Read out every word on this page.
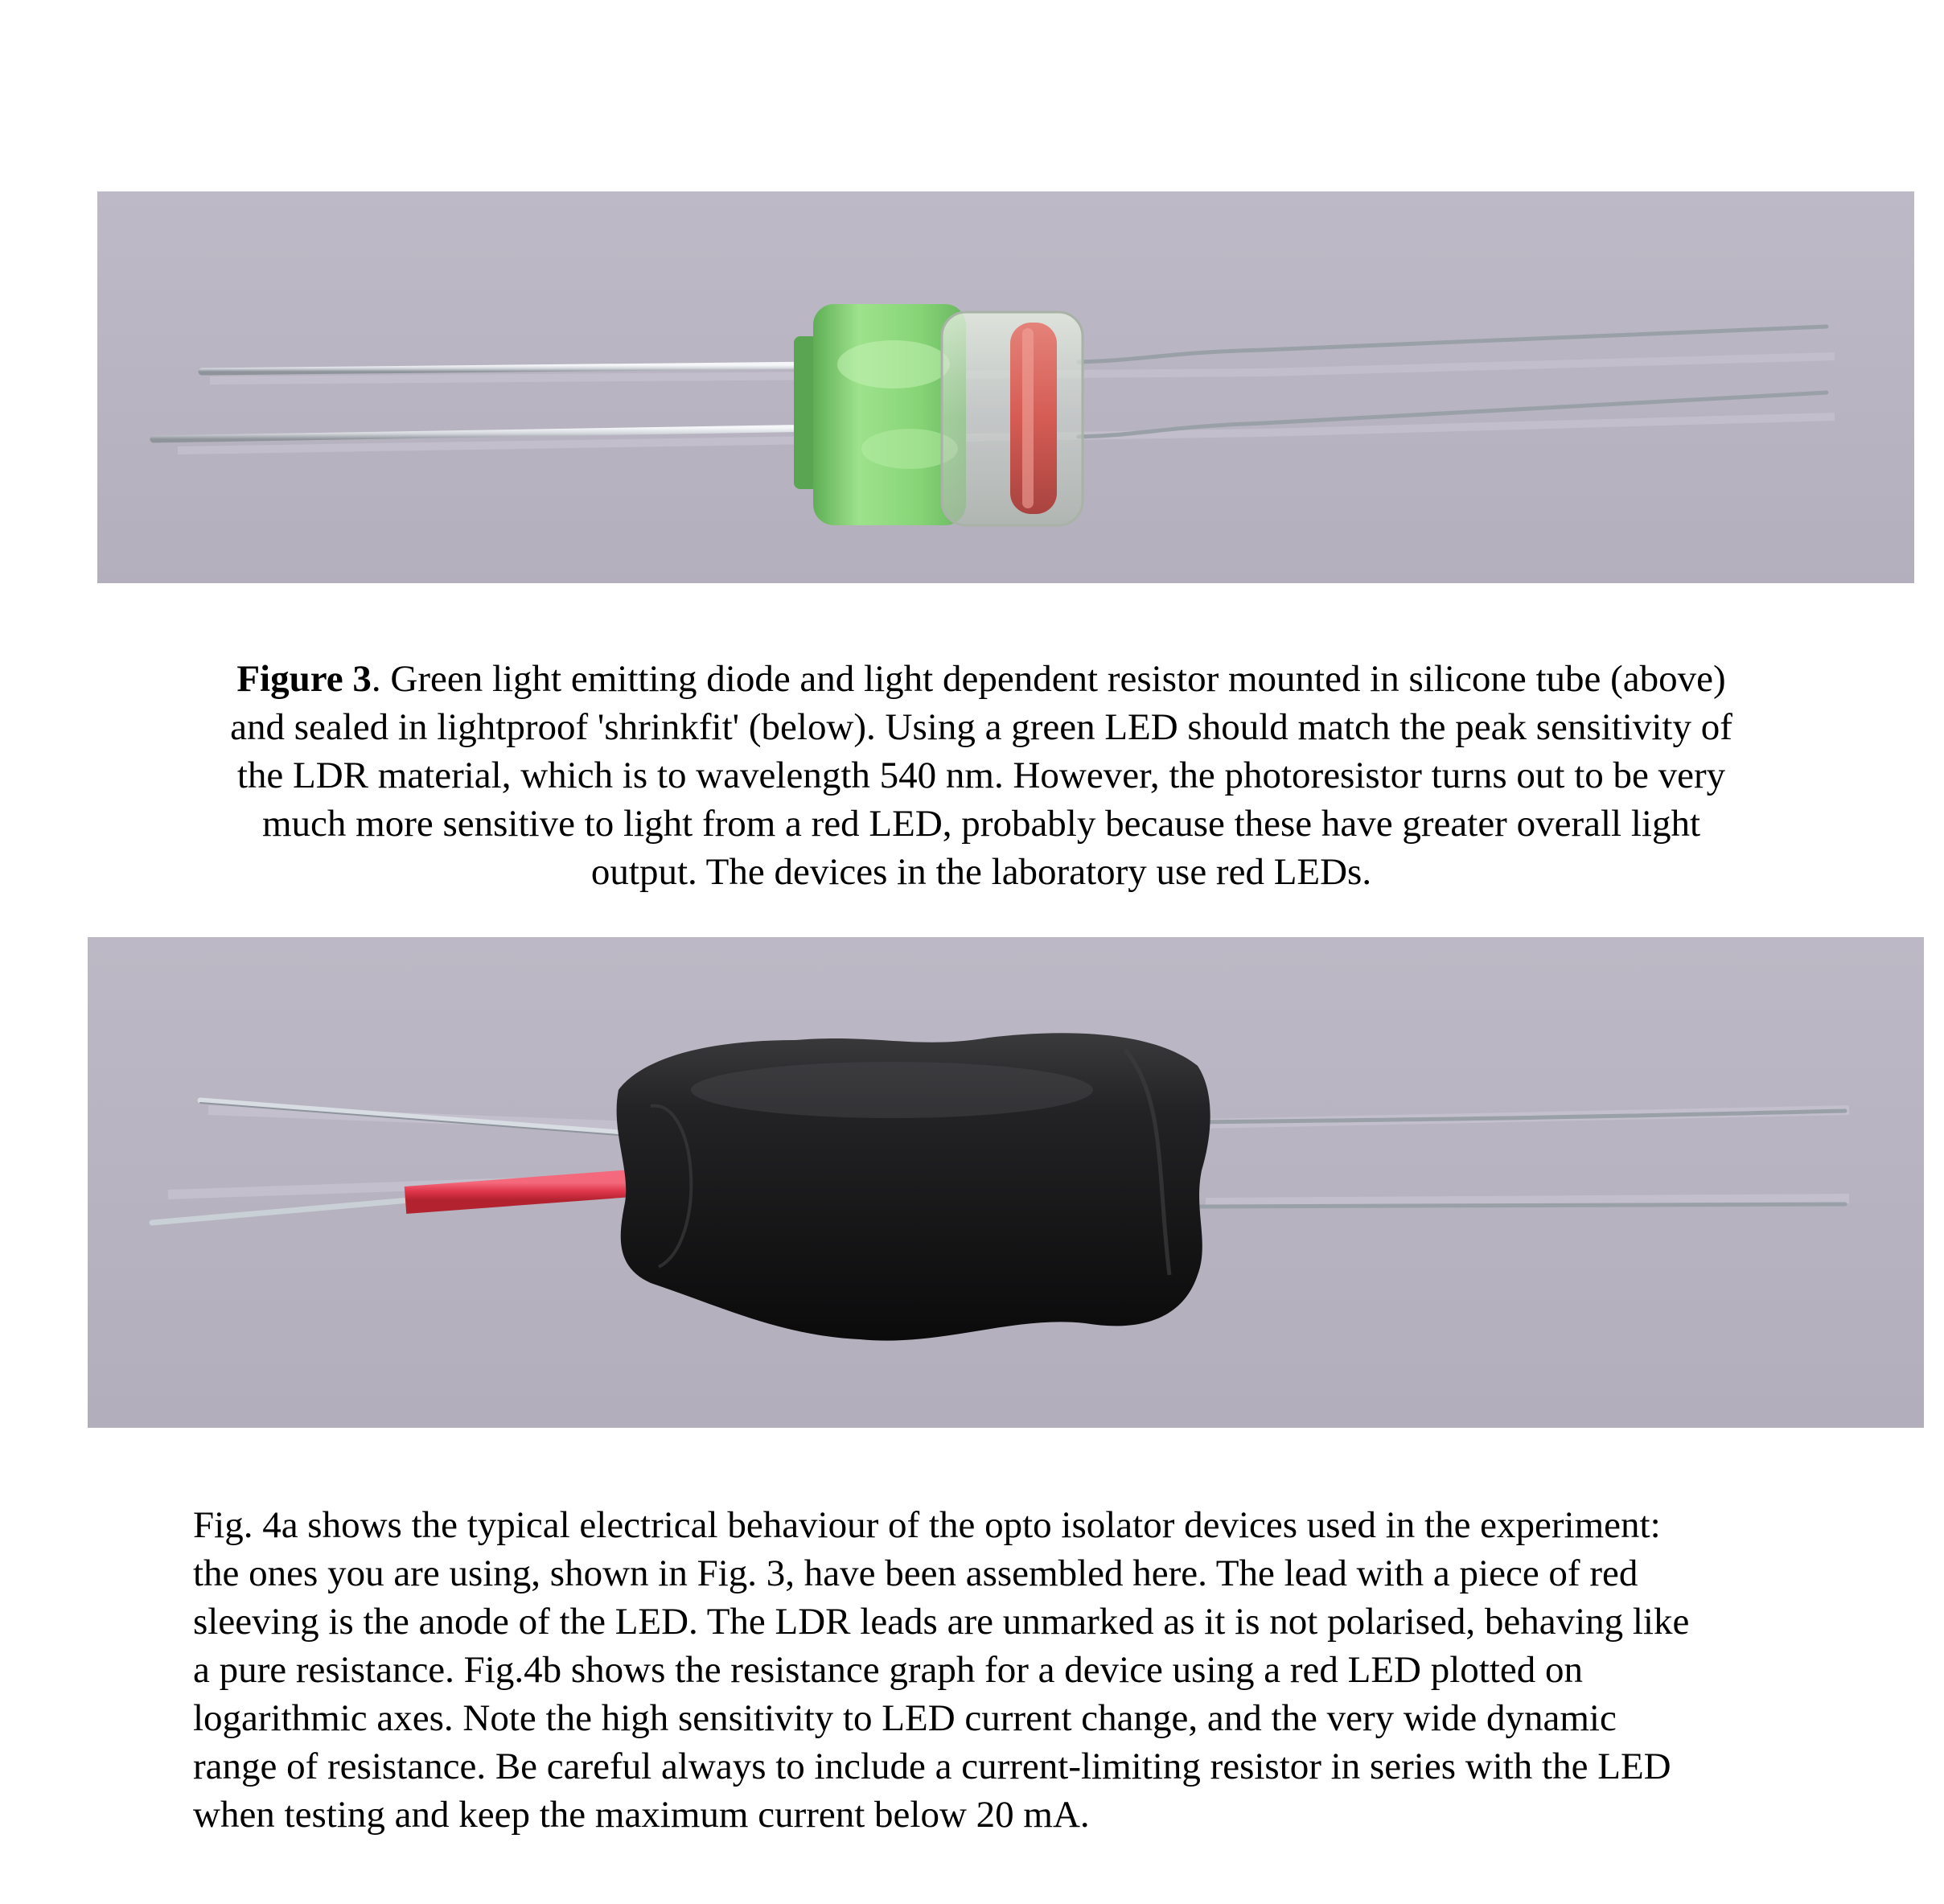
Figure 3. Green light emitting diode and light dependent resistor mounted in silicone tube (above)
and sealed in lightproof 'shrinkfit' (below). Using a green LED should match the peak sensitivity of
the LDR material, which is to wavelength 540 nm. However, the photoresistor turns out to be very
much more sensitive to light from a red LED, probably because these have greater overall light
output. The devices in the laboratory use red LEDs.
Fig. 4a shows the typical electrical behaviour of the opto isolator devices used in the experiment:
the ones you are using, shown in Fig. 3, have been assembled here. The lead with a piece of red
sleeving is the anode of the LED. The LDR leads are unmarked as it is not polarised, behaving like
a pure resistance. Fig.4b shows the resistance graph for a device using a red LED plotted on
logarithmic axes. Note the high sensitivity to LED current change, and the very wide dynamic
range of resistance. Be careful always to include a current-limiting resistor in series with the LED
when testing and keep the maximum current below 20 mA.
